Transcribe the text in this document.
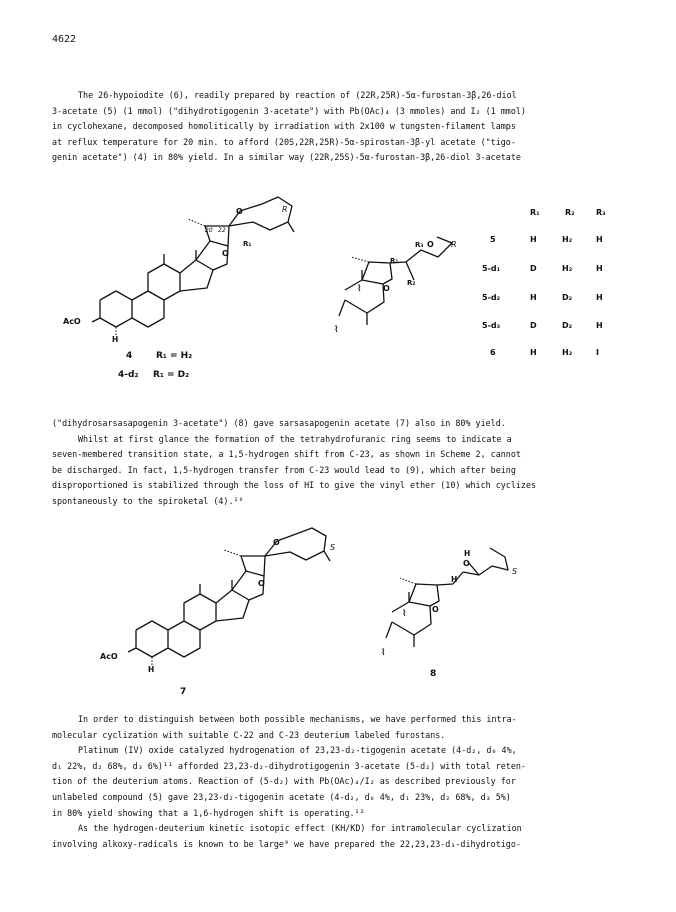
4622

The 26-hypoiodite (6), readily prepared by reaction of (22R,25R)-5α-furostan-3β,26-diol

3-acetate (5) (1 mmol) ("dihydrotigogenin 3-acetate") with Pb(OAc)₄ (3 mmoles) and I₂ (1 mmol)

in cyclohexane, decomposed homolitically by irradiation with 2x100 w tungsten-filament lamps

at reflux temperature for 20 min. to afford (20S,22R,25R)-5α-spirostan-3β-yl acetate ("tigo-

genin acetate") (4) in 80% yield. In a similar way (22R,25S)-5α-furostan-3β,26-diol 3-acetate

20 22
O
O
R₁
R
AcO
H
4	R₁ = H₂
4-d₂ R₁ = D₂
⌇
⌇
R₃ O R
R₁
R₂
O
R₁	R₂	R₃
5	H	H₂	H
5-d₁	D	H₂	H
5-d₂	H	D₂	H
5-d₃	D	D₂	H
6	H	H₂	I

("dihydrosarsasapogenin 3-acetate") (8) gave sarsasapogenin acetate (7) also in 80% yield.

Whilst at first glance the formation of the tetrahydrofuranic ring seems to indicate a

seven-membered transition state, a 1,5-hydrogen shift from C-23, as shown in Scheme 2, cannot

be discharged. In fact, 1,5-hydrogen transfer from C-23 would lead to (9), which after being

disproportioned is stabilized through the loss of HI to give the vinyl ether (10) which cyclizes

spontaneously to the spiroketal (4).¹⁰

O
O
S
AcO
H
7
⌇
⌇
H
O
S
H
O
8

In order to distinguish between both possible mechanisms, we have performed this intra-

molecular cyclization with suitable C-22 and C-23 deuterium labeled furostans.

Platinum (IV) oxide catalyzed hydrogenation of 23,23-d₂-tigogenin acetate (4-d₂, d₀ 4%,

d₁ 22%, d₂ 68%, d₃ 6%)¹¹ afforded 23,23-d₂-dihydrotigogenin 3-acetate (5-d₂) with total reten-

tion of the deuterium atoms. Reaction of (5-d₂) with Pb(OAc)₄/I₂ as described previously for

unlabeled compound (5) gave 23,23-d₂-tigogenin acetate (4-d₂, d₀ 4%, d₁ 23%, d₂ 68%, d₃ 5%)

in 80% yield showing that a 1,6-hydrogen shift is operating.¹²

As the hydrogen-deuterium kinetic isotopic effect (KH/KD) for intramolecular cyclization

involving alkoxy-radicals is known to be large⁹ we have prepared the 22,23,23-d₃-dihydrotigo-
